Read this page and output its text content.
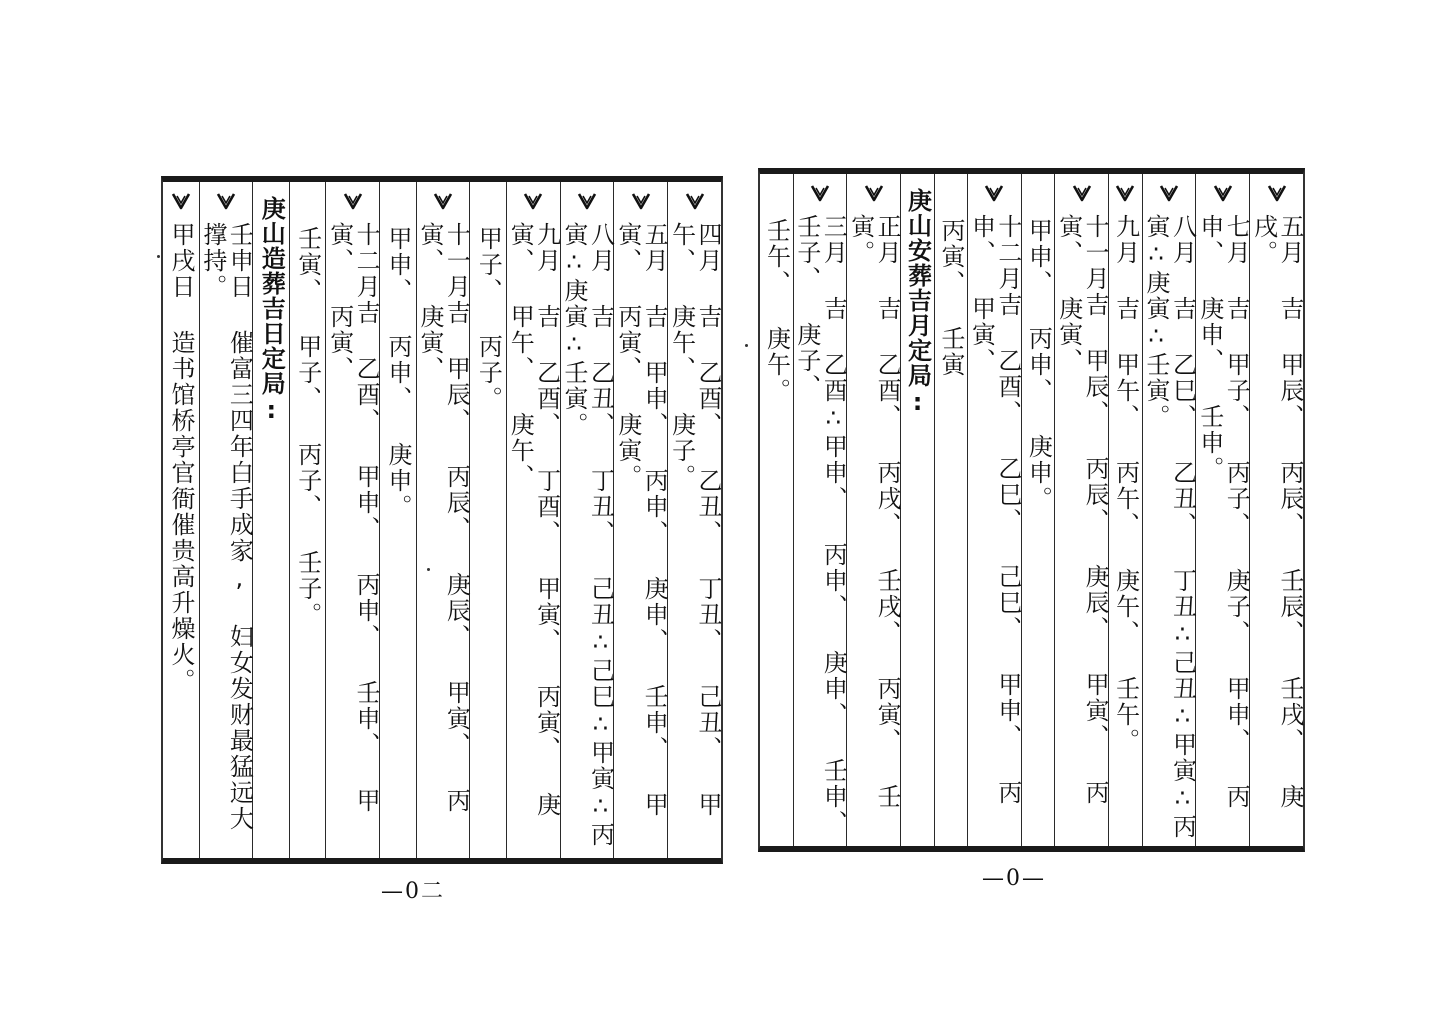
四月 吉 乙酉、 乙丑、 丁丑、 己丑、 甲午、 庚午、 庚子。
五月 吉 甲申、 丙申、 庚申、 壬申、 甲寅、 丙寅、 庚寅。
八月 吉 乙丑、 丁丑、 己丑∴己巳∴甲寅∴丙寅∴庚寅∴壬寅。
九月 吉 乙酉、 丁酉、 甲寅、 丙寅、 庚寅、 甲午、 庚午、
甲子、 丙子。
十一月吉 甲辰、 丙辰、 庚辰、 甲寅、 丙寅、 庚寅、
甲申、 丙申、 庚申。
十二月吉 乙酉、 甲申、 丙申、 壬申、 甲寅、 丙寅、
壬寅、 甲子、 丙子、 壬子。
庚山造葬吉日定局:
壬申日 催富三四年白手成家, 妇女发财最猛远大撑持。
甲戌日 造书馆桥亭官衙催贵高升燥火。
—0二
五月 吉 甲辰、 丙辰、 壬辰、 壬戌、 庚戌。
七月 吉 甲子、 丙子、 庚子、 甲申、 丙申、 庚申、 壬申。
八月 吉 乙巳、 乙丑、 丁丑∴己丑∴甲寅∴丙寅∴庚寅∴壬寅。
九月 吉 甲午、 丙午、 庚午、 壬午。
十一月吉 甲辰、 丙辰、 庚辰、 甲寅、 丙寅、 庚寅、
甲申、 丙申、 庚申。
十二月吉 乙酉、 乙巳、 己巳、 甲申、 丙申、 甲寅、
丙寅、 壬寅
庚山安葬吉月定局:
正月 吉 乙酉、 丙戌、 壬戌、 丙寅、 壬寅。
三月 吉 乙酉∴甲申、 丙申、 庚申、 壬申、 壬子、 庚子、
壬午、 庚午。
—0—
